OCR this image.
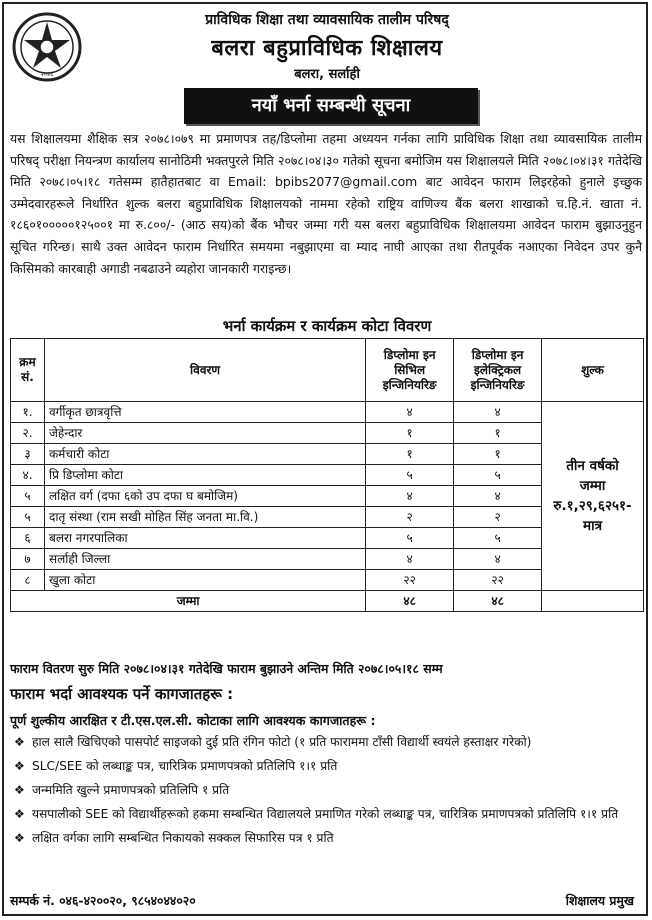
२०४६
प्राविधिक शिक्षा तथा व्यावसायिक तालीम परिषद्
बलरा बहुप्राविधिक शिक्षालय
बलरा, सर्लाही
नयाँ भर्ना सम्बन्धी सूचना
यस शिक्षालयमा शैक्षिक सत्र २०७८।०७९ मा प्रमाणपत्र तह/डिप्लोमा तहमा अध्ययन गर्नका लागि प्राविधिक शिक्षा तथा व्यावसायिक तालीम परिषद् परीक्षा नियन्त्रण कार्यालय सानोठिमी भक्तपुरले मिति २०७८।०४।३० गतेको सूचना बमोजिम यस शिक्षालयले मिति २०७८।०४।३१ गतेदेखि मिति २०७८।०५।१८ गतेसम्म हातैहातबाट वा Email: bpibs2077@gmail.com बाट आवेदन फाराम लिइरहेको हुनाले इच्छुक उम्मेदवारहरूले निर्धारित शुल्क बलरा बहुप्राविधिक शिक्षालयको नाममा रहेको राष्ट्रिय वाणिज्य बैंक बलरा शाखाको च.हि.नं. खाता नं. १८६०१०००००१२५००१ मा रु.८००/- (आठ सय)को बैंक भौचर जम्मा गरी यस बलरा बहुप्राविधिक शिक्षालयमा आवेदन फाराम बुझाउनुहुन सूचित गरिन्छ। साथै उक्त आवेदन फाराम निर्धारित समयमा नबुझाएमा वा म्याद नाघी आएका तथा रीतपूर्वक नआएका निवेदन उपर कुनै किसिमको कारबाही अगाडी नबढाउने व्यहोरा जानकारी गराइन्छ।
भर्ना कार्यक्रम र कार्यक्रम कोटा विवरण
क्रम सं.	विवरण	डिप्लोमा इन सिभिल इन्जिनियरिङ	डिप्लोमा इन इलेक्ट्रिकल इन्जिनियरिङ	शुल्क
१.	वर्गीकृत छात्रवृत्ति	४	४	तीन वर्षको
जम्मा
रु.१,२९,६२५१-
मात्र

२.	जेहेन्दार	१	१	
३	कर्मचारी कोटा	१	१	
४.	प्रि डिप्लोमा कोटा	५	५	
५	लक्षित वर्ग (दफा ६को उप दफा घ बमोजिम)	४	४	
५	दातृ संस्था (राम सखी मोहित सिंह जनता मा.वि.)	२	२	
६	बलरा नगरपालिका	५	५	
७	सर्लाही जिल्ला	४	४	
८	खुला कोटा	२२	२२	
जम्मा		४८	४८	
फाराम वितरण सुरु मिति २०७८।०४।३१ गतेदेखि फाराम बुझाउने अन्तिम मिति २०७८।०५।१८ सम्म
फाराम भर्दा आवश्यक पर्ने कागजातहरू :
पूर्ण शुल्कीय आरक्षित र टी.एस.एल.सी. कोटाका लागि आवश्यक कागजातहरू :
❖ हाल सालै खिचिएको पासपोर्ट साइजको दुई प्रति रंगिन फोटो (१ प्रति फाराममा टाँसी विद्यार्थी स्वयंले हस्ताक्षर गरेको)
❖ SLC/SEE को लब्धाङ्क पत्र, चारित्रिक प्रमाणपत्रको प्रतिलिपि १।१ प्रति
❖ जन्ममिति खुल्ने प्रमाणपत्रको प्रतिलिपि १ प्रति
❖ यसपालीको SEE को विद्यार्थीहरूको हकमा सम्बन्धित विद्यालयले प्रमाणित गरेको लब्धाङ्क पत्र, चारित्रिक प्रमाणपत्रको प्रतिलिपि १।१ प्रति
❖ लक्षित वर्गका लागि सम्बन्धित निकायको सक्कल सिफारिस पत्र १ प्रति
सम्पर्क नं. ०४६-४२००२०, ९८५४०४४०२०	शिक्षालय प्रमुख
